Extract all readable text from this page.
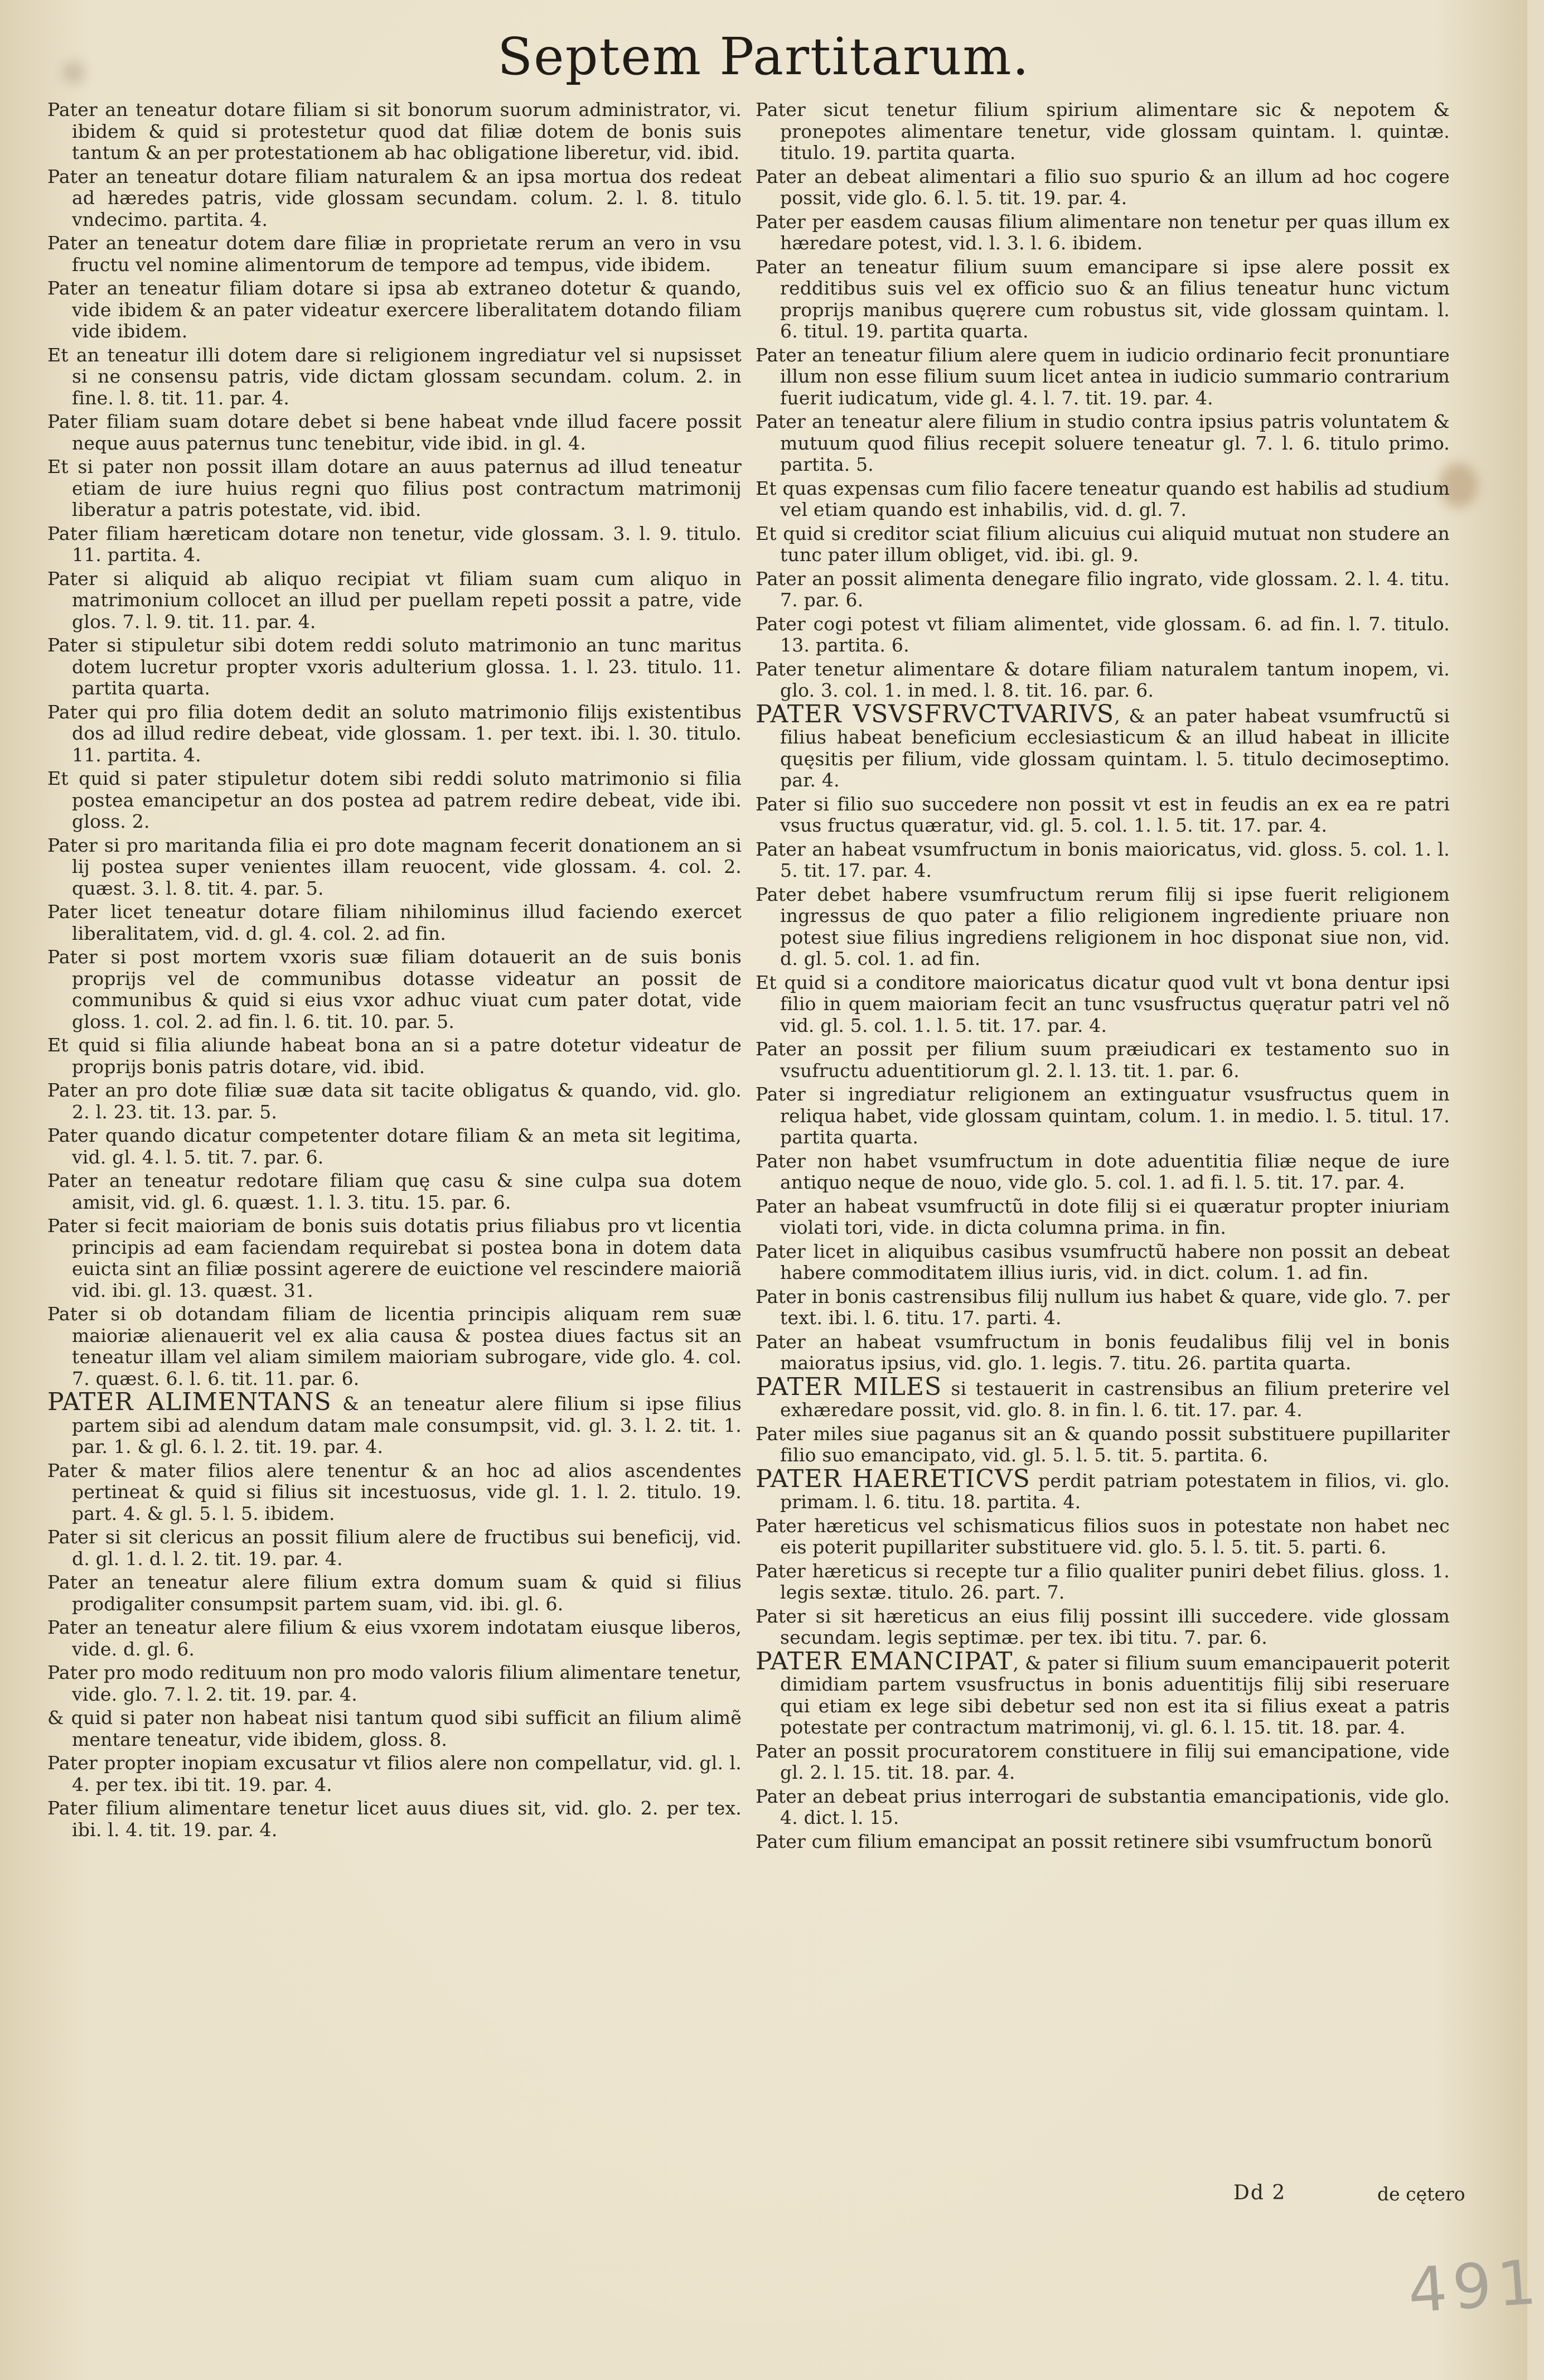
Septem Partitarum.

Pater an teneatur dotare filiam si sit bonorum suorum administrator, vi. ibidem & quid si protestetur quod dat filiæ dotem de bonis suis tantum & an per protestationem ab hac obligatione liberetur, vid. ibid.

Pater an teneatur dotare filiam naturalem & an ipsa mortua dos redeat ad hæredes patris, vide glossam secundam. colum. 2. l. 8. titulo vndecimo. partita. 4.

Pater an teneatur dotem dare filiæ in proprietate rerum an vero in vsu fructu vel nomine alimentorum de tempore ad tempus, vide ibidem.

Pater an teneatur filiam dotare si ipsa ab extraneo dotetur & quando, vide ibidem & an pater videatur exercere liberalitatem dotando filiam vide ibidem.

Et an teneatur illi dotem dare si religionem ingrediatur vel si nupsisset si ne consensu patris, vide dictam glossam secundam. colum. 2. in fine. l. 8. tit. 11. par. 4.

Pater filiam suam dotare debet si bene habeat vnde illud facere possit neque auus paternus tunc tenebitur, vide ibid. in gl. 4.

Et si pater non possit illam dotare an auus paternus ad illud teneatur etiam de iure huius regni quo filius post contractum matrimonij liberatur a patris potestate, vid. ibid.

Pater filiam hæreticam dotare non tenetur, vide glossam. 3. l. 9. titulo. 11. partita. 4.

Pater si aliquid ab aliquo recipiat vt filiam suam cum aliquo in matrimonium collocet an illud per puellam repeti possit a patre, vide glos. 7. l. 9. tit. 11. par. 4.

Pater si stipuletur sibi dotem reddi soluto matrimonio an tunc maritus dotem lucretur propter vxoris adulterium glossa. 1. l. 23. titulo. 11. partita quarta.

Pater qui pro filia dotem dedit an soluto matrimonio filijs existentibus dos ad illud redire debeat, vide glossam. 1. per text. ibi. l. 30. titulo. 11. partita. 4.

Et quid si pater stipuletur dotem sibi reddi soluto matrimonio si filia postea emancipetur an dos postea ad patrem redire debeat, vide ibi. gloss. 2.

Pater si pro maritanda filia ei pro dote magnam fecerit donationem an si lij postea super venientes illam reuocent, vide glossam. 4. col. 2. quæst. 3. l. 8. tit. 4. par. 5.

Pater licet teneatur dotare filiam nihilominus illud faciendo exercet liberalitatem, vid. d. gl. 4. col. 2. ad fin.

Pater si post mortem vxoris suæ filiam dotauerit an de suis bonis proprijs vel de communibus dotasse videatur an possit de communibus & quid si eius vxor adhuc viuat cum pater dotat, vide gloss. 1. col. 2. ad fin. l. 6. tit. 10. par. 5.

Et quid si filia aliunde habeat bona an si a patre dotetur videatur de proprijs bonis patris dotare, vid. ibid.

Pater an pro dote filiæ suæ data sit tacite obligatus & quando, vid. glo. 2. l. 23. tit. 13. par. 5.

Pater quando dicatur competenter dotare filiam & an meta sit legitima, vid. gl. 4. l. 5. tit. 7. par. 6.

Pater an teneatur redotare filiam quę casu & sine culpa sua dotem amisit, vid. gl. 6. quæst. 1. l. 3. titu. 15. par. 6.

Pater si fecit maioriam de bonis suis dotatis prius filiabus pro vt licentia principis ad eam faciendam requirebat si postea bona in dotem data euicta sint an filiæ possint agerere de euictione vel rescindere maioriã vid. ibi. gl. 13. quæst. 31.

Pater si ob dotandam filiam de licentia principis aliquam rem suæ maioriæ alienauerit vel ex alia causa & postea diues factus sit an teneatur illam vel aliam similem maioriam subrogare, vide glo. 4. col. 7. quæst. 6. l. 6. tit. 11. par. 6.

PATER ALIMENTANS & an teneatur alere filium si ipse filius partem sibi ad alendum datam male consumpsit, vid. gl. 3. l. 2. tit. 1. par. 1. & gl. 6. l. 2. tit. 19. par. 4.

Pater & mater filios alere tenentur & an hoc ad alios ascendentes pertineat & quid si filius sit incestuosus, vide gl. 1. l. 2. titulo. 19. part. 4. & gl. 5. l. 5. ibidem.

Pater si sit clericus an possit filium alere de fructibus sui beneficij, vid. d. gl. 1. d. l. 2. tit. 19. par. 4.

Pater an teneatur alere filium extra domum suam & quid si filius prodigaliter consumpsit partem suam, vid. ibi. gl. 6.

Pater an teneatur alere filium & eius vxorem indotatam eiusque liberos, vide. d. gl. 6.

Pater pro modo redituum non pro modo valoris filium alimentare tenetur, vide. glo. 7. l. 2. tit. 19. par. 4.

& quid si pater non habeat nisi tantum quod sibi sufficit an filium alimẽ mentare teneatur, vide ibidem, gloss. 8.

Pater propter inopiam excusatur vt filios alere non compellatur, vid. gl. l. 4. per tex. ibi tit. 19. par. 4.

Pater filium alimentare tenetur licet auus diues sit, vid. glo. 2. per tex. ibi. l. 4. tit. 19. par. 4.

Pater sicut tenetur filium spirium alimentare sic & nepotem & pronepotes alimentare tenetur, vide glossam quintam. l. quintæ. titulo. 19. partita quarta.

Pater an debeat alimentari a filio suo spurio & an illum ad hoc cogere possit, vide glo. 6. l. 5. tit. 19. par. 4.

Pater per easdem causas filium alimentare non tenetur per quas illum ex hæredare potest, vid. l. 3. l. 6. ibidem.

Pater an teneatur filium suum emancipare si ipse alere possit ex redditibus suis vel ex officio suo & an filius teneatur hunc victum proprijs manibus quęrere cum robustus sit, vide glossam quintam. l. 6. titul. 19. partita quarta.

Pater an teneatur filium alere quem in iudicio ordinario fecit pronuntiare illum non esse filium suum licet antea in iudicio summario contrarium fuerit iudicatum, vide gl. 4. l. 7. tit. 19. par. 4.

Pater an teneatur alere filium in studio contra ipsius patris voluntatem & mutuum quod filius recepit soluere teneatur gl. 7. l. 6. titulo primo. partita. 5.

Et quas expensas cum filio facere teneatur quando est habilis ad studium vel etiam quando est inhabilis, vid. d. gl. 7.

Et quid si creditor sciat filium alicuius cui aliquid mutuat non studere an tunc pater illum obliget, vid. ibi. gl. 9.

Pater an possit alimenta denegare filio ingrato, vide glossam. 2. l. 4. titu. 7. par. 6.

Pater cogi potest vt filiam alimentet, vide glossam. 6. ad fin. l. 7. titulo. 13. partita. 6.

Pater tenetur alimentare & dotare filiam naturalem tantum inopem, vi. glo. 3. col. 1. in med. l. 8. tit. 16. par. 6.

PATER VSVSFRVCTVARIVS, & an pater habeat vsumfructũ si filius habeat beneficium ecclesiasticum & an illud habeat in illicite quęsitis per filium, vide glossam quintam. l. 5. titulo decimoseptimo. par. 4.

Pater si filio suo succedere non possit vt est in feudis an ex ea re patri vsus fructus quæratur, vid. gl. 5. col. 1. l. 5. tit. 17. par. 4.

Pater an habeat vsumfructum in bonis maioricatus, vid. gloss. 5. col. 1. l. 5. tit. 17. par. 4.

Pater debet habere vsumfructum rerum filij si ipse fuerit religionem ingressus de quo pater a filio religionem ingrediente priuare non potest siue filius ingrediens religionem in hoc disponat siue non, vid. d. gl. 5. col. 1. ad fin.

Et quid si a conditore maioricatus dicatur quod vult vt bona dentur ipsi filio in quem maioriam fecit an tunc vsusfructus quęratur patri vel nõ vid. gl. 5. col. 1. l. 5. tit. 17. par. 4.

Pater an possit per filium suum præiudicari ex testamento suo in vsufructu aduentitiorum gl. 2. l. 13. tit. 1. par. 6.

Pater si ingrediatur religionem an extinguatur vsusfructus quem in reliqua habet, vide glossam quintam, colum. 1. in medio. l. 5. titul. 17. partita quarta.

Pater non habet vsumfructum in dote aduentitia filiæ neque de iure antiquo neque de nouo, vide glo. 5. col. 1. ad fi. l. 5. tit. 17. par. 4.

Pater an habeat vsumfructũ in dote filij si ei quæratur propter iniuriam violati tori, vide. in dicta columna prima. in fin.

Pater licet in aliquibus casibus vsumfructũ habere non possit an debeat habere commoditatem illius iuris, vid. in dict. colum. 1. ad fin.

Pater in bonis castrensibus filij nullum ius habet & quare, vide glo. 7. per text. ibi. l. 6. titu. 17. parti. 4.

Pater an habeat vsumfructum in bonis feudalibus filij vel in bonis maioratus ipsius, vid. glo. 1. legis. 7. titu. 26. partita quarta.

PATER MILES si testauerit in castrensibus an filium preterire vel exhæredare possit, vid. glo. 8. in fin. l. 6. tit. 17. par. 4.

Pater miles siue paganus sit an & quando possit substituere pupillariter filio suo emancipato, vid. gl. 5. l. 5. tit. 5. partita. 6.

PATER HAERETICVS perdit patriam potestatem in filios, vi. glo. primam. l. 6. titu. 18. partita. 4.

Pater hæreticus vel schismaticus filios suos in potestate non habet nec eis poterit pupillariter substituere vid. glo. 5. l. 5. tit. 5. parti. 6.

Pater hæreticus si recepte tur a filio qualiter puniri debet filius. gloss. 1. legis sextæ. titulo. 26. part. 7.

Pater si sit hæreticus an eius filij possint illi succedere. vide glossam secundam. legis septimæ. per tex. ibi titu. 7. par. 6.

PATER EMANCIPAT, & pater si filium suum emancipauerit poterit dimidiam partem vsusfructus in bonis aduentitijs filij sibi reseruare qui etiam ex lege sibi debetur sed non est ita si filius exeat a patris potestate per contractum matrimonij, vi. gl. 6. l. 15. tit. 18. par. 4.

Pater an possit procuratorem constituere in filij sui emancipatione, vide gl. 2. l. 15. tit. 18. par. 4.

Pater an debeat prius interrogari de substantia emancipationis, vide glo. 4. dict. l. 15.

Pater cum filium emancipat an possit retinere sibi vsumfructum bonorũ

Dd 2	de cętero
491
